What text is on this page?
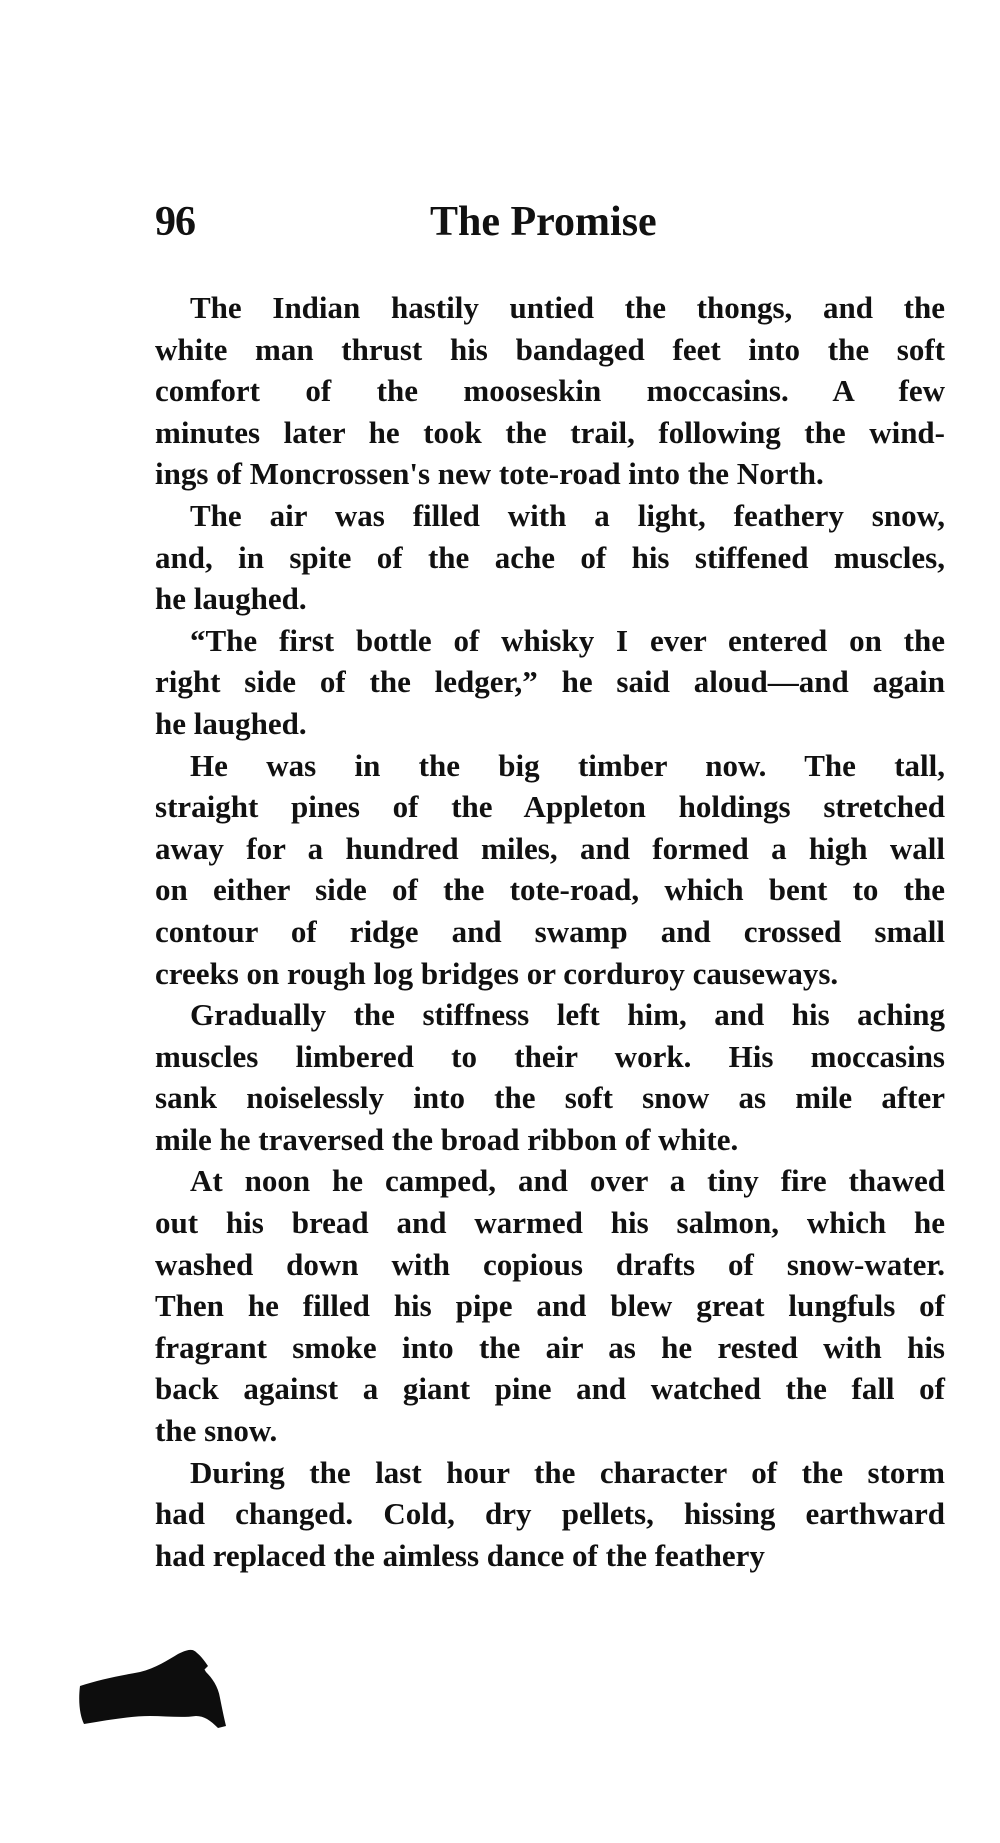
96	The Promise

The Indian hastily untied the thongs, and the
white man thrust his bandaged feet into the soft
comfort of the mooseskin moccasins. A few
minutes later he took the trail, following the wind-
ings of Moncrossen's new tote-road into the North.

The air was filled with a light, feathery snow,
and, in spite of the ache of his stiffened muscles,
he laughed.

“The first bottle of whisky I ever entered on the
right side of the ledger,” he said aloud—and again
he laughed.

He was in the big timber now. The tall,
straight pines of the Appleton holdings stretched
away for a hundred miles, and formed a high wall
on either side of the tote-road, which bent to the
contour of ridge and swamp and crossed small
creeks on rough log bridges or corduroy causeways.

Gradually the stiffness left him, and his aching
muscles limbered to their work. His moccasins
sank noiselessly into the soft snow as mile after
mile he traversed the broad ribbon of white.

At noon he camped, and over a tiny fire thawed
out his bread and warmed his salmon, which he
washed down with copious drafts of snow-water.
Then he filled his pipe and blew great lungfuls of
fragrant smoke into the air as he rested with his
back against a giant pine and watched the fall of
the snow.

During the last hour the character of the storm
had changed. Cold, dry pellets, hissing earthward
had replaced the aimless dance of the feathery
